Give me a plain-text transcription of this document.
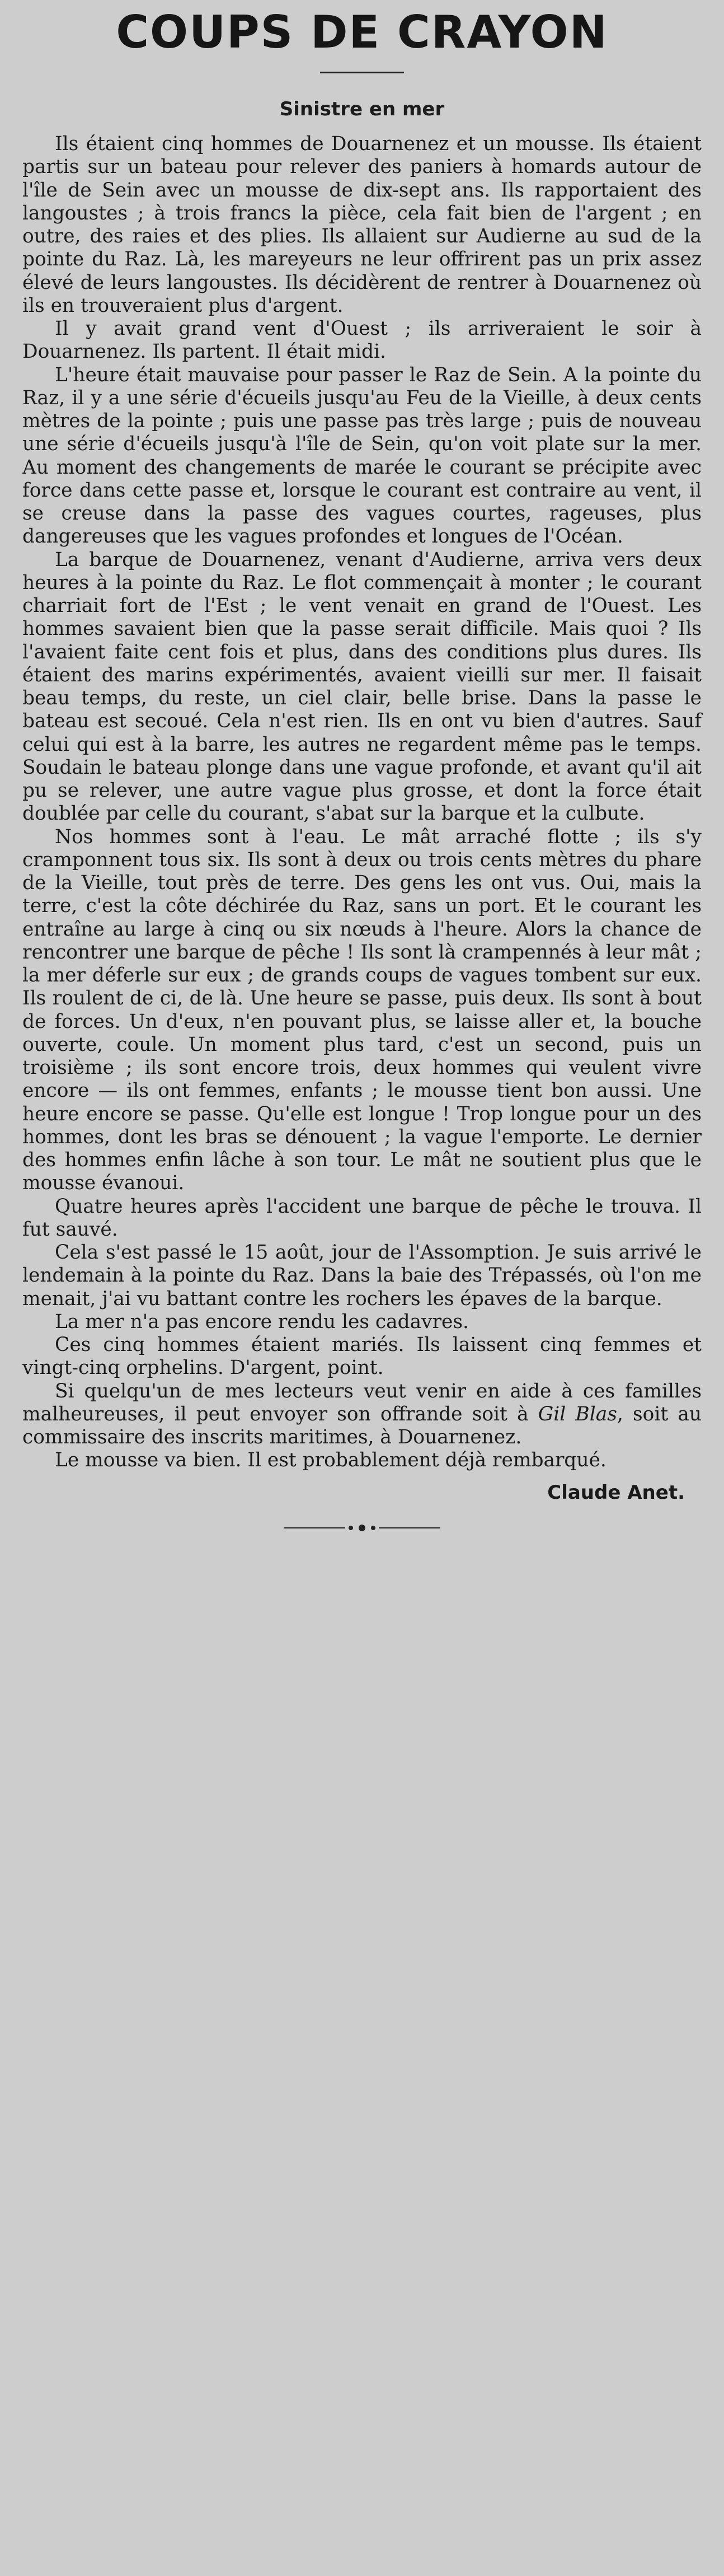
COUPS DE CRAYON
Sinistre en mer

Ils étaient cinq hommes de Douarnenez et un mousse. Ils étaient partis sur un bateau pour relever des paniers à homards autour de l'île de Sein avec un mousse de dix-sept ans. Ils rapportaient des langoustes ; à trois francs la pièce, cela fait bien de l'argent ; en outre, des raies et des plies. Ils allaient sur Audierne au sud de la pointe du Raz. Là, les mareyeurs ne leur offrirent pas un prix assez élevé de leurs langoustes. Ils décidèrent de rentrer à Douarnenez où ils en trouveraient plus d'argent.

Il y avait grand vent d'Ouest ; ils arriveraient le soir à Douarnenez. Ils partent. Il était midi.

L'heure était mauvaise pour passer le Raz de Sein. A la pointe du Raz, il y a une série d'écueils jusqu'au Feu de la Vieille, à deux cents mètres de la pointe ; puis une passe pas très large ; puis de nouveau une série d'écueils jusqu'à l'île de Sein, qu'on voit plate sur la mer. Au moment des changements de marée le courant se précipite avec force dans cette passe et, lorsque le courant est contraire au vent, il se creuse dans la passe des vagues courtes, rageuses, plus dangereuses que les vagues profondes et longues de l'Océan.

La barque de Douarnenez, venant d'Audierne, arriva vers deux heures à la pointe du Raz. Le flot commençait à monter ; le courant charriait fort de l'Est ; le vent venait en grand de l'Ouest. Les hommes savaient bien que la passe serait difficile. Mais quoi ? Ils l'avaient faite cent fois et plus, dans des conditions plus dures. Ils étaient des marins expérimentés, avaient vieilli sur mer. Il faisait beau temps, du reste, un ciel clair, belle brise. Dans la passe le bateau est secoué. Cela n'est rien. Ils en ont vu bien d'autres. Sauf celui qui est à la barre, les autres ne regardent même pas le temps. Soudain le bateau plonge dans une vague profonde, et avant qu'il ait pu se relever, une autre vague plus grosse, et dont la force était doublée par celle du courant, s'abat sur la barque et la culbute.

Nos hommes sont à l'eau. Le mât arraché flotte ; ils s'y cramponnent tous six. Ils sont à deux ou trois cents mètres du phare de la Vieille, tout près de terre. Des gens les ont vus. Oui, mais la terre, c'est la côte déchirée du Raz, sans un port. Et le courant les entraîne au large à cinq ou six nœuds à l'heure. Alors la chance de rencontrer une barque de pêche ! Ils sont là crampennés à leur mât ; la mer déferle sur eux ; de grands coups de vagues tombent sur eux. Ils roulent de ci, de là. Une heure se passe, puis deux. Ils sont à bout de forces. Un d'eux, n'en pouvant plus, se laisse aller et, la bouche ouverte, coule. Un moment plus tard, c'est un second, puis un troisième ; ils sont encore trois, deux hommes qui veulent vivre encore — ils ont femmes, enfants ; le mousse tient bon aussi. Une heure encore se passe. Qu'elle est longue ! Trop longue pour un des hommes, dont les bras se dénouent ; la vague l'emporte. Le dernier des hommes enfin lâche à son tour. Le mât ne soutient plus que le mousse évanoui.

Quatre heures après l'accident une barque de pêche le trouva. Il fut sauvé.

Cela s'est passé le 15 août, jour de l'Assomption. Je suis arrivé le lendemain à la pointe du Raz. Dans la baie des Trépassés, où l'on me menait, j'ai vu battant contre les rochers les épaves de la barque.

La mer n'a pas encore rendu les cadavres.

Ces cinq hommes étaient mariés. Ils laissent cinq femmes et vingt-cinq orphelins. D'argent, point.

Si quelqu'un de mes lecteurs veut venir en aide à ces familles malheureuses, il peut envoyer son offrande soit à Gil Blas, soit au commissaire des inscrits maritimes, à Douarnenez.

Le mousse va bien. Il est probablement déjà rembarqué.

Claude Anet.
